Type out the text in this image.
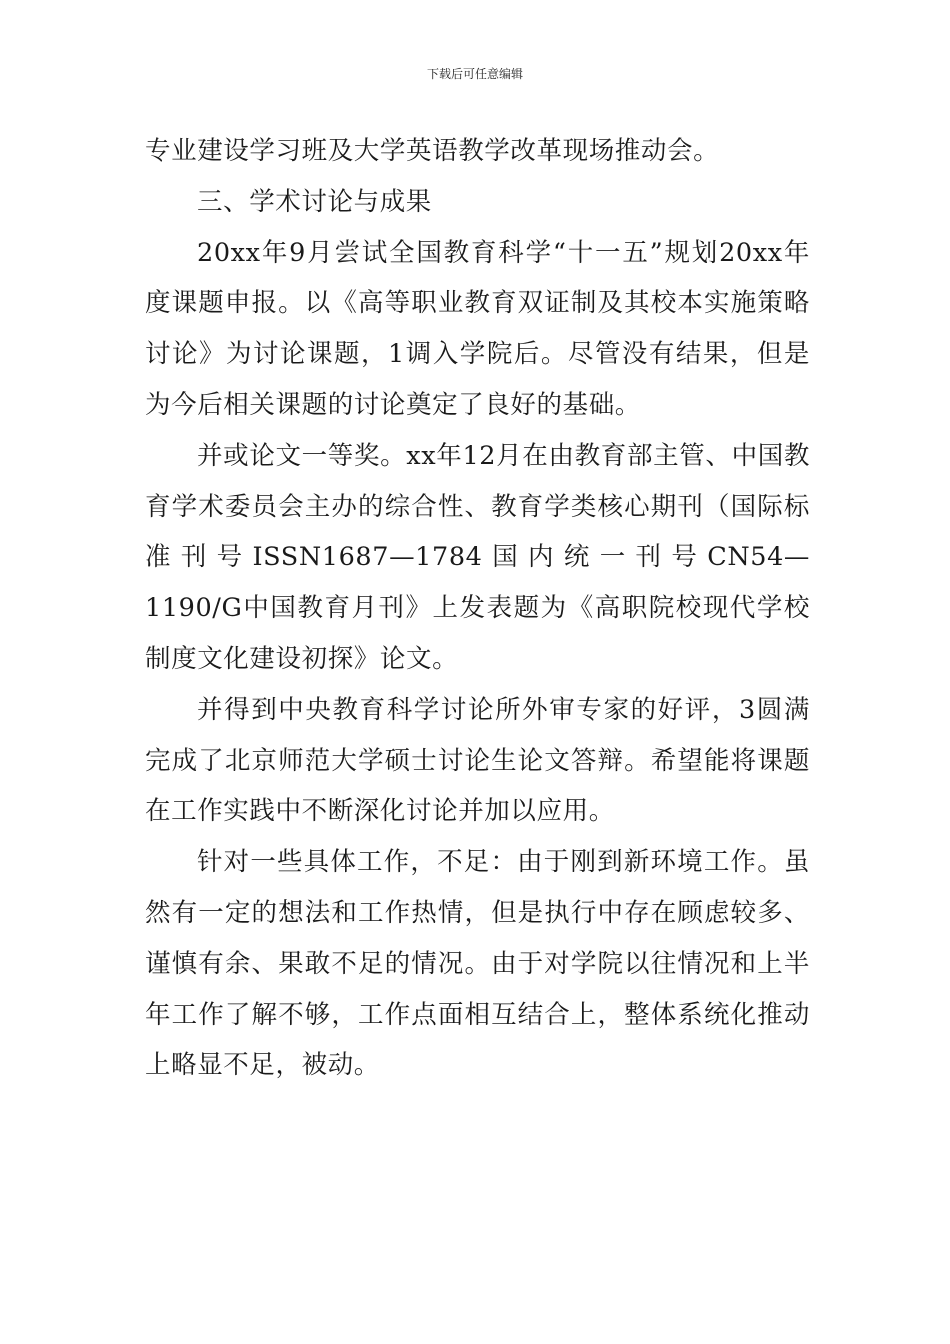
下载后可任意编辑

专业建设学习班及大学英语教学改革现场推动会。

三、学术讨论与成果

20xx年9月尝试全国教育科学“十一五”规划20xx年度课题申报。以《高等职业教育双证制及其校本实施策略讨论》为讨论课题，1调入学院后。尽管没有结果，但是为今后相关课题的讨论奠定了良好的基础。

并或论文一等奖。xx年12月在由教育部主管、中国教育学术委员会主办的综合性、教育学类核心期刊（国际标准刊号ISSN1687—1784国内统一刊号CN54—1190/G中国教育月刊》上发表题为《高职院校现代学校制度文化建设初探》论文。

并得到中央教育科学讨论所外审专家的好评，3圆满完成了北京师范大学硕士讨论生论文答辩。希望能将课题在工作实践中不断深化讨论并加以应用。

针对一些具体工作，不足：由于刚到新环境工作。虽然有一定的想法和工作热情，但是执行中存在顾虑较多、谨慎有余、果敢不足的情况。由于对学院以往情况和上半年工作了解不够，工作点面相互结合上，整体系统化推动上略显不足，被动。
